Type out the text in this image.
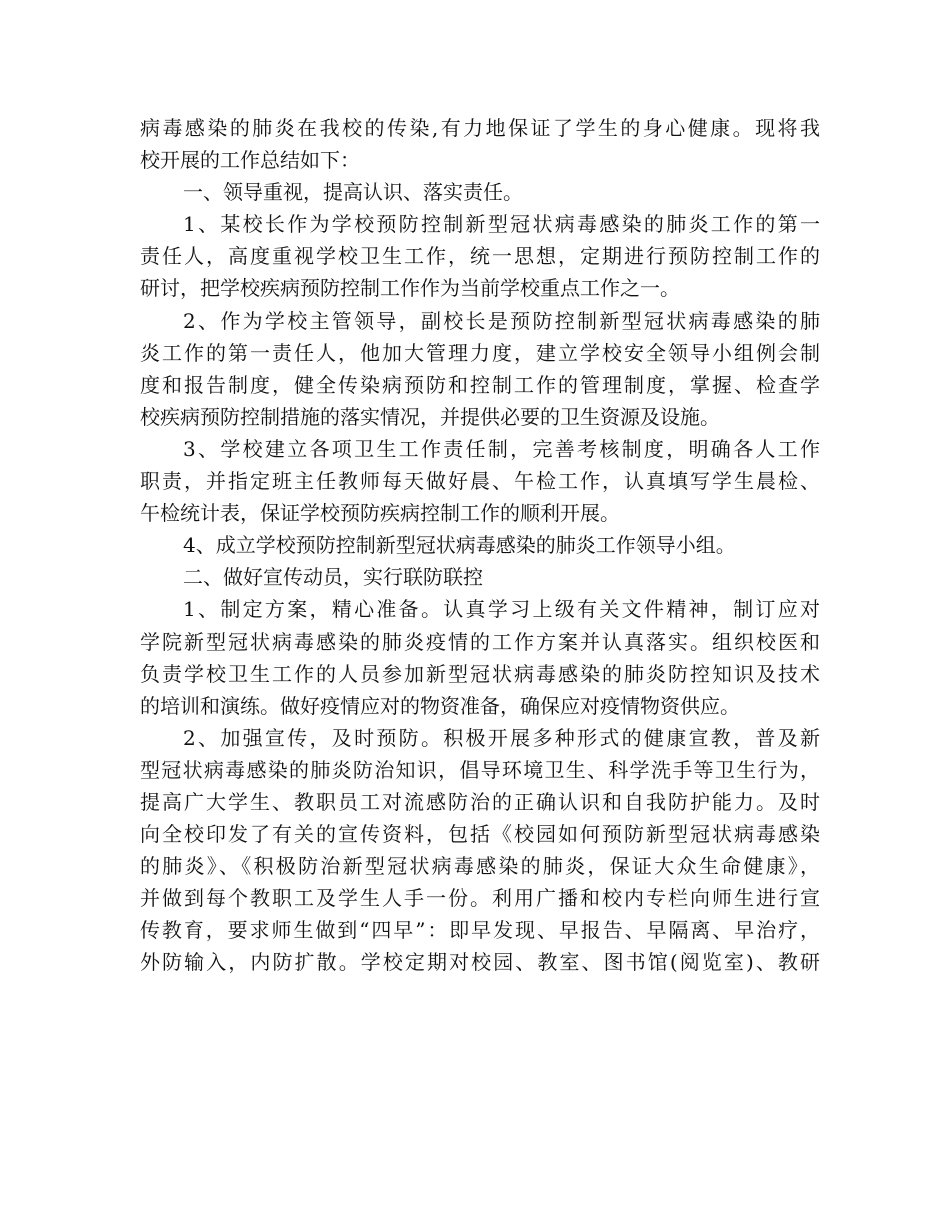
病毒感染的肺炎在我校的传染,有力地保证了学生的身心健康。现将我
校开展的工作总结如下：
一、领导重视，提高认识、落实责任。
1、某校长作为学校预防控制新型冠状病毒感染的肺炎工作的第一
责任人，高度重视学校卫生工作，统一思想，定期进行预防控制工作的
研讨，把学校疾病预防控制工作作为当前学校重点工作之一。
2、作为学校主管领导，副校长是预防控制新型冠状病毒感染的肺
炎工作的第一责任人，他加大管理力度，建立学校安全领导小组例会制
度和报告制度，健全传染病预防和控制工作的管理制度，掌握、检查学
校疾病预防控制措施的落实情况，并提供必要的卫生资源及设施。
3、学校建立各项卫生工作责任制，完善考核制度，明确各人工作
职责，并指定班主任教师每天做好晨、午检工作，认真填写学生晨检、
午检统计表，保证学校预防疾病控制工作的顺利开展。
4、成立学校预防控制新型冠状病毒感染的肺炎工作领导小组。
二、做好宣传动员，实行联防联控
1、制定方案，精心准备。认真学习上级有关文件精神，制订应对
学院新型冠状病毒感染的肺炎疫情的工作方案并认真落实。组织校医和
负责学校卫生工作的人员参加新型冠状病毒感染的肺炎防控知识及技术
的培训和演练。做好疫情应对的物资准备，确保应对疫情物资供应。
2、加强宣传，及时预防。积极开展多种形式的健康宣教，普及新
型冠状病毒感染的肺炎防治知识，倡导环境卫生、科学洗手等卫生行为，
提高广大学生、教职员工对流感防治的正确认识和自我防护能力。及时
向全校印发了有关的宣传资料，包括《校园如何预防新型冠状病毒感染
的肺炎》、《积极防治新型冠状病毒感染的肺炎，保证大众生命健康》，
并做到每个教职工及学生人手一份。利用广播和校内专栏向师生进行宣
传教育，要求师生做到“四早”：即早发现、早报告、早隔离、早治疗，
外防输入，内防扩散。学校定期对校园、教室、图书馆(阅览室)、教研
